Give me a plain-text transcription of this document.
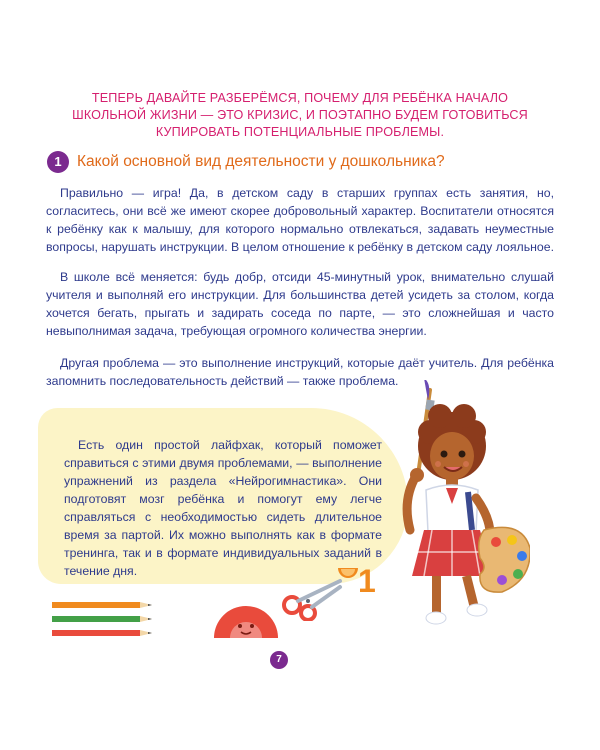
ТЕПЕРЬ ДАВАЙТЕ РАЗБЕРЁМСЯ, ПОЧЕМУ ДЛЯ РЕБЁНКА НАЧАЛО ШКОЛЬНОЙ ЖИЗНИ — ЭТО КРИЗИС, И ПОЭТАПНО БУДЕМ ГОТОВИТЬСЯ КУПИРОВАТЬ ПОТЕНЦИАЛЬНЫЕ ПРОБЛЕМЫ.

1 Какой основной вид деятельности у дошкольника?

Правильно — игра! Да, в детском саду в старших группах есть занятия, но, согласитесь, они всё же имеют скорее добровольный характер. Воспитатели относятся к ребёнку как к малышу, для которого нормально отвлекаться, задавать неуместные вопросы, нарушать инструкции. В целом отношение к ребёнку в детском саду лояльное.

В школе всё меняется: будь добр, отсиди 45-минутный урок, внимательно слушай учителя и выполняй его инструкции. Для большинства детей усидеть за столом, когда хочется бегать, прыгать и задирать соседа по парте, — это сложнейшая и часто невыполнимая задача, требующая огромного количества энергии.

Другая проблема — это выполнение инструкций, которые даёт учитель. Для ребёнка запомнить последовательность действий — также проблема.

Есть один простой лайфхак, который поможет справиться с этими двумя проблемами, — выполнение упражнений из раздела «Нейрогимнастика». Они подготовят мозг ребёнка и помогут ему легче справляться с необходимостью сидеть длительное время за партой. Их можно выполнять как в формате тренинга, так и в формате индивидуальных заданий в течение дня.	1
7
